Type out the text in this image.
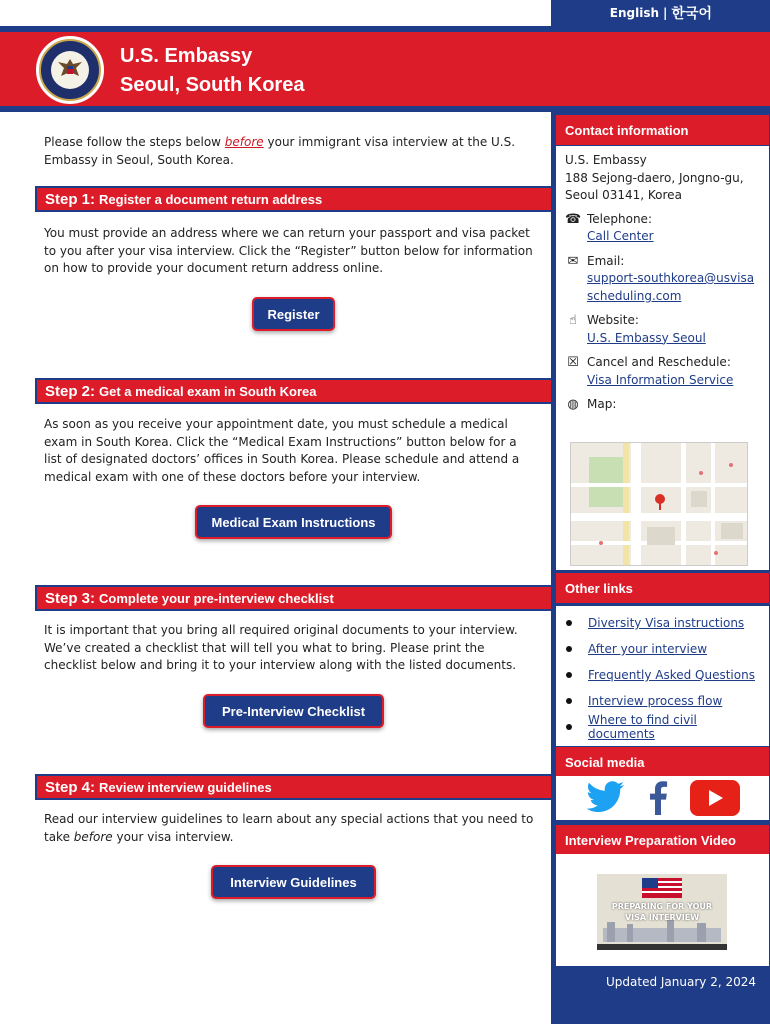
English | 한국어
U.S. Embassy
Seoul, South Korea

Please follow the steps below before your immigrant visa interview at the U.S. Embassy in Seoul, South Korea.

Step 1: Register a document return address

You must provide an address where we can return your passport and visa packet to you after your visa interview. Click the “Register” button below for information on how to provide your document return address online.

Register
Step 2: Get a medical exam in South Korea

As soon as you receive your appointment date, you must schedule a medical exam in South Korea. Click the “Medical Exam Instructions” button below for a list of designated doctors’ offices in South Korea. Please schedule and attend a medical exam with one of these doctors before your interview.

Medical Exam Instructions
Step 3: Complete your pre-interview checklist

It is important that you bring all required original documents to your interview. We’ve created a checklist that will tell you what to bring. Please print the checklist below and bring it to your interview along with the listed documents.

Pre-Interview Checklist
Step 4: Review interview guidelines

Read our interview guidelines to learn about any special actions that you need to take before your visa interview.

Interview Guidelines
Contact information
U.S. Embassy
188 Sejong-daero, Jongno-gu,
Seoul 03141, Korea
☎ Telephone:
Call Center
✉ Email:
support-southkorea@usvisascheduling.com
☝ Website:
U.S. Embassy Seoul
☒ Cancel and Reschedule:
Visa Information Service
◍ Map:
Other links
Diversity Visa instructions
After your interview
Frequently Asked Questions
Interview process flow
Where to find civil documents
Social media
Interview Preparation Video
PREPARING FOR YOUR
VISA INTERVIEW
Updated January 2, 2024
